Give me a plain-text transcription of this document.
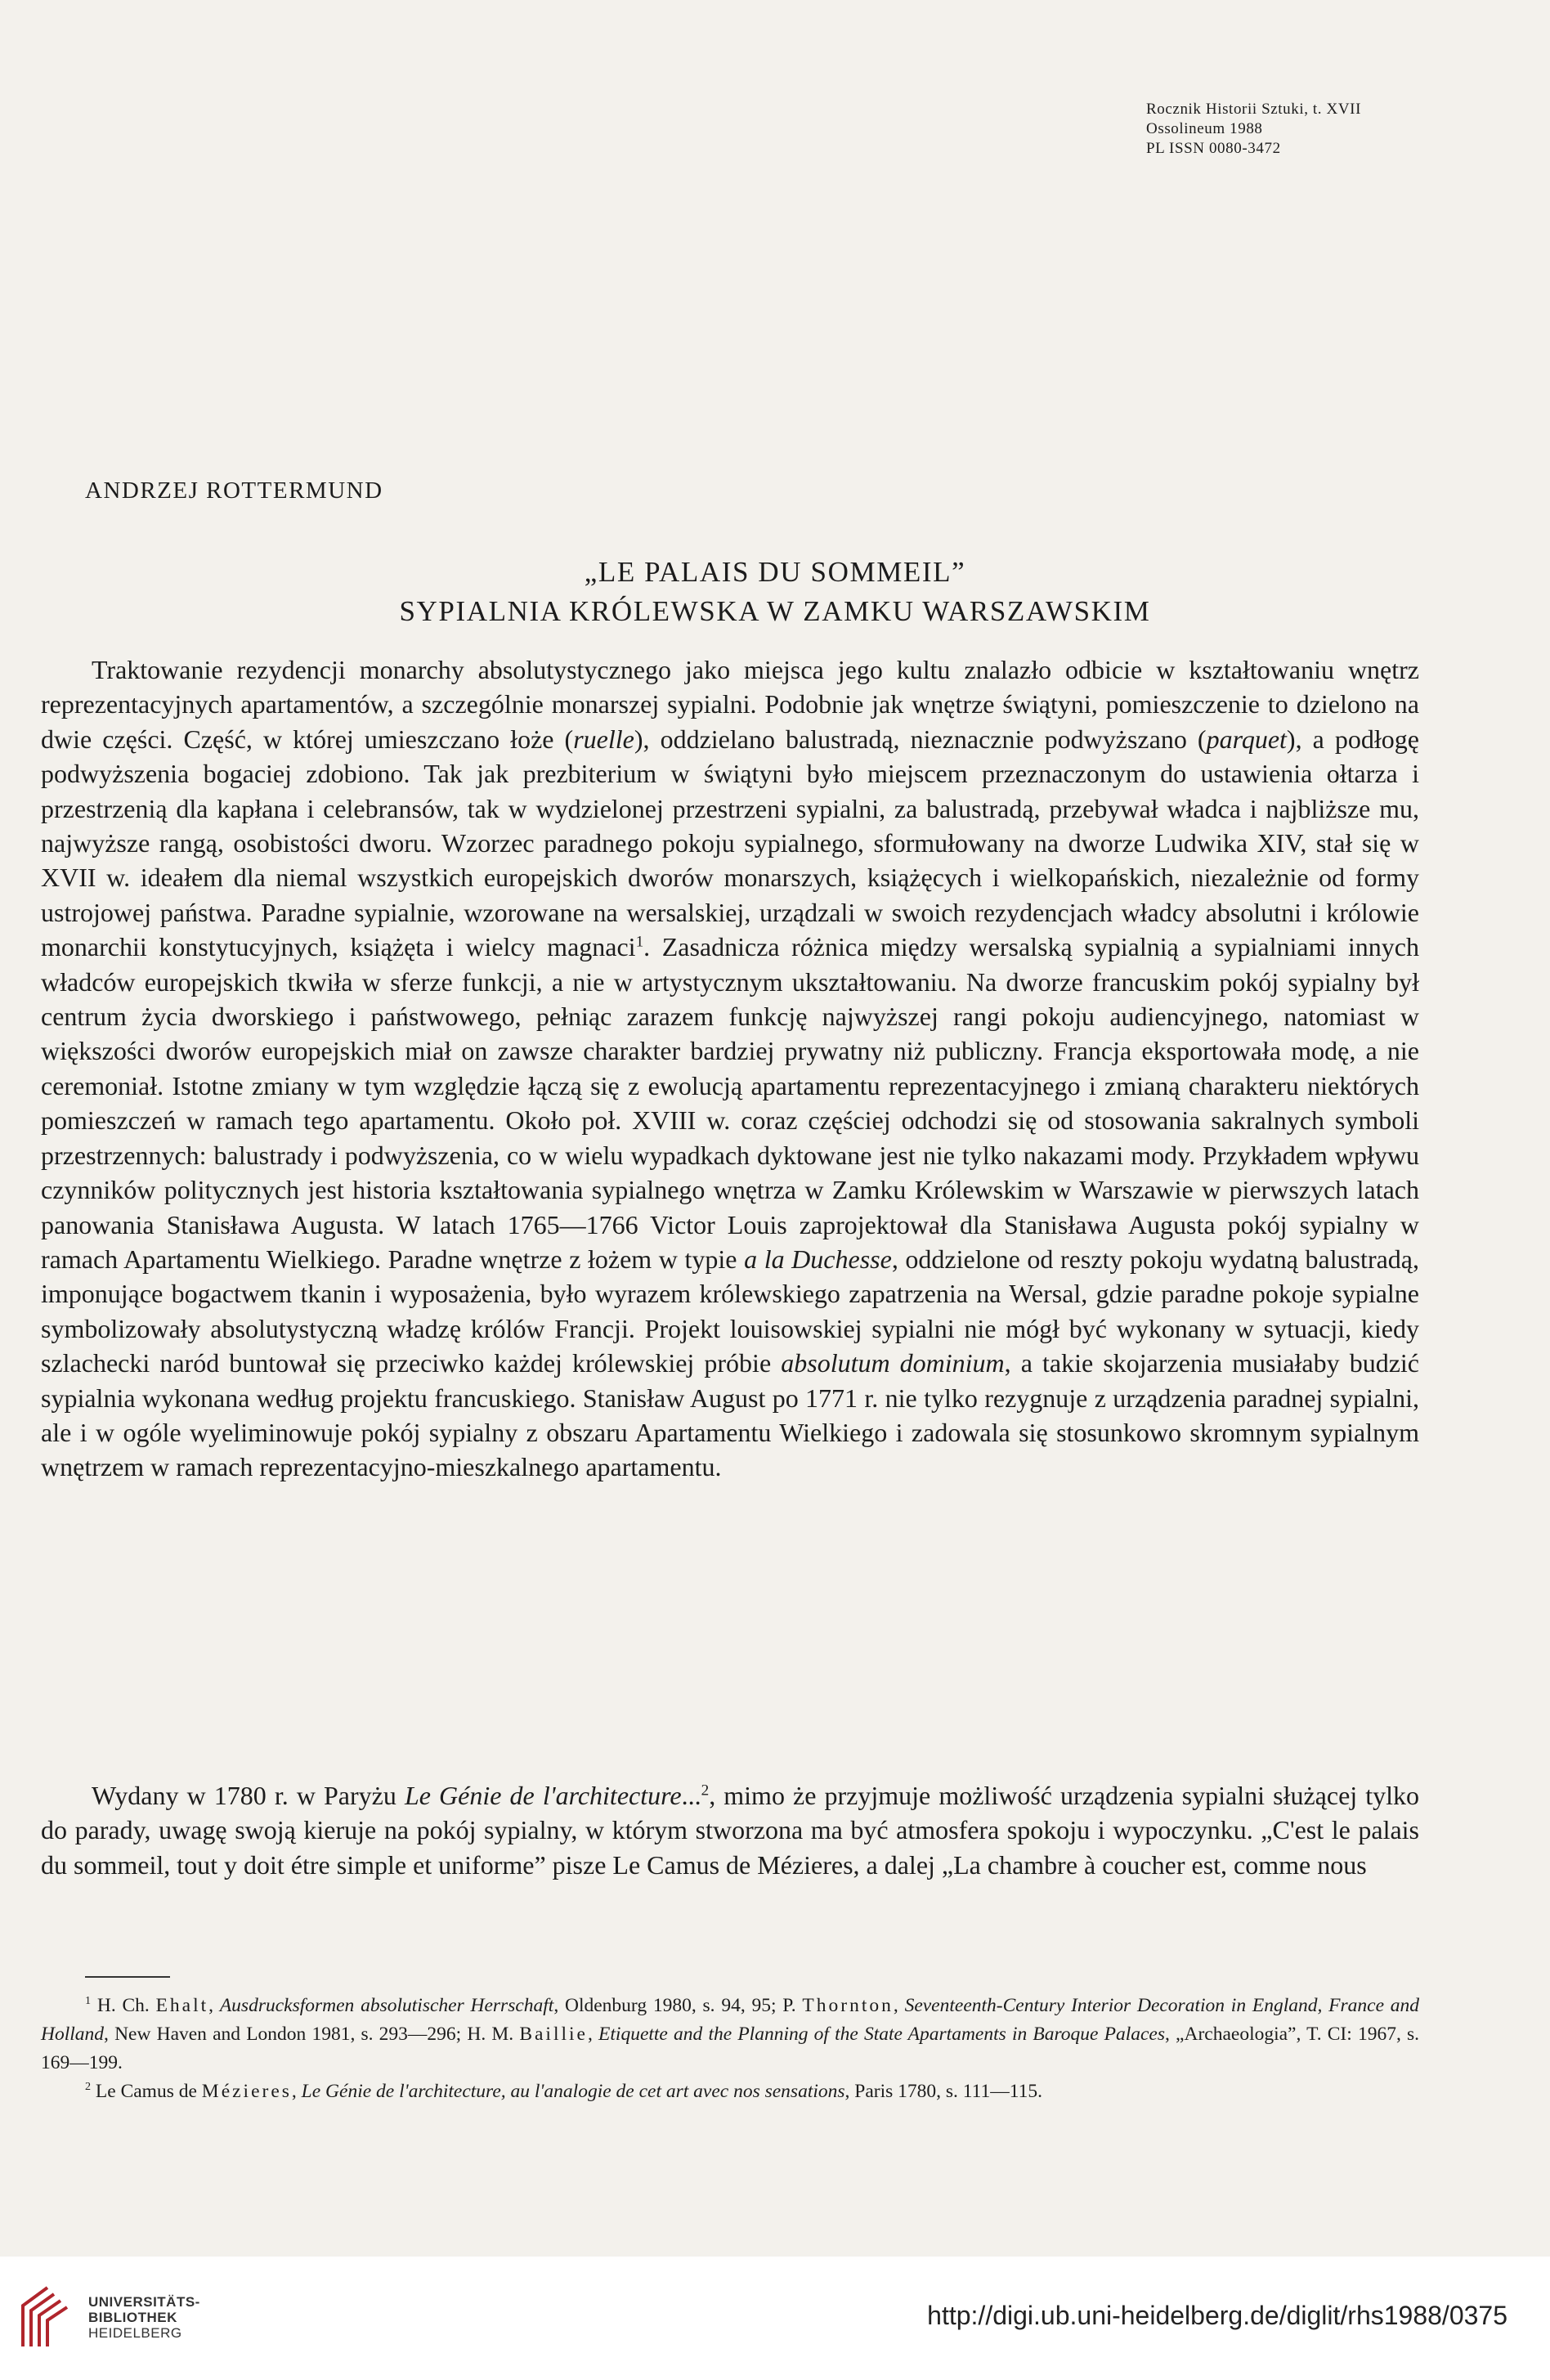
Rocznik Historii Sztuki, t. XVII
Ossolineum 1988
PL ISSN 0080-3472
ANDRZEJ ROTTERMUND
„LE PALAIS DU SOMMEIL”
SYPIALNIA KRÓLEWSKA W ZAMKU WARSZAWSKIM

Traktowanie rezydencji monarchy absolutystycznego jako miejsca jego kultu znalazło odbicie w kształtowaniu wnętrz reprezentacyjnych apartamentów, a szczególnie monarszej sypialni. Podobnie jak wnętrze świątyni, pomieszczenie to dzielono na dwie części. Część, w której umieszczano łoże (ruelle), oddzielano balustradą, nieznacznie podwyższano (parquet), a podłogę podwyższenia bogaciej zdobiono. Tak jak prezbiterium w świątyni było miejscem przeznaczonym do ustawienia ołtarza i przestrzenią dla kapłana i celebransów, tak w wydzielonej przestrzeni sypialni, za balustradą, przebywał władca i najbliższe mu, najwyższe rangą, osobistości dworu. Wzorzec paradnego pokoju sypialnego, sformułowany na dworze Ludwika XIV, stał się w XVII w. ideałem dla niemal wszystkich europejskich dworów monarszych, książęcych i wielkopańskich, niezależnie od formy ustrojowej państwa. Paradne sypialnie, wzorowane na wersalskiej, urządzali w swoich rezydencjach władcy absolutni i królowie monarchii konstytucyjnych, książęta i wielcy magnaci$^1$. Zasadnicza różnica między wersalską sypialnią a sypialniami innych władców europejskich tkwiła w sferze funkcji, a nie w artystycznym ukształtowaniu. Na dworze francuskim pokój sypialny był centrum życia dworskiego i państwowego, pełniąc zarazem funkcję najwyższej rangi pokoju audiencyjnego, natomiast w większości dworów europejskich miał on zawsze charakter bardziej prywatny niż publiczny. Francja eksportowała modę, a nie ceremoniał. Istotne zmiany w tym względzie łączą się z ewolucją apartamentu reprezentacyjnego i zmianą charakteru niektórych pomieszczeń w ramach tego apartamentu. Około poł. XVIII w. coraz częściej odchodzi się od stosowania sakralnych symboli przestrzennych: balustrady i podwyższenia, co w wielu wypadkach dyktowane jest nie tylko nakazami mody. Przykładem wpływu czynników politycznych jest historia kształtowania sypialnego wnętrza w Zamku Królewskim w Warszawie w pierwszych latach panowania Stanisława Augusta. W latach 1765—1766 Victor Louis zaprojektował dla Stanisława Augusta pokój sypialny w ramach Apartamentu Wielkiego. Paradne wnętrze z łożem w typie a la Duchesse, oddzielone od reszty pokoju wydatną balustradą, imponujące bogactwem tkanin i wyposażenia, było wyrazem królewskiego zapatrzenia na Wersal, gdzie paradne pokoje sypialne symbolizowały absolutystyczną władzę królów Francji. Projekt louisowskiej sypialni nie mógł być wykonany w sytuacji, kiedy szlachecki naród buntował się przeciwko każdej królewskiej próbie absolutum dominium, a takie skojarzenia musiałaby budzić sypialnia wykonana według projektu francuskiego. Stanisław August po 1771 r. nie tylko rezygnuje z urządzenia paradnej sypialni, ale i w ogóle wyeliminowuje pokój sypialny z obszaru Apartamentu Wielkiego i zadowala się stosunkowo skromnym sypialnym wnętrzem w ramach reprezentacyjno-mieszkalnego apartamentu.

Wydany w 1780 r. w Paryżu Le Génie de l'architecture...$^2$, mimo że przyjmuje możliwość urządzenia sypialni służącej tylko do parady, uwagę swoją kieruje na pokój sypialny, w którym stworzona ma być atmosfera spokoju i wypoczynku. „C'est le palais du sommeil, tout y doit étre simple et uniforme” pisze Le Camus de Mézieres, a dalej „La chambre à coucher est, comme nous

$^1$ H. Ch. Ehalt, Ausdrucksformen absolutischer Herrschaft, Oldenburg 1980, s. 94, 95; P. Thornton, Seventeenth-Century Interior Decoration in England, France and Holland, New Haven and London 1981, s. 293—296; H. M. Baillie, Etiquette and the Planning of the State Apartaments in Baroque Palaces, „Archaeologia”, T. CI: 1967, s. 169—199.

$^2$ Le Camus de Mézieres, Le Génie de l'architecture, au l'analogie de cet art avec nos sensations, Paris 1780, s. 111—115.

UNIVERSITÄTS-
BIBLIOTHEK
HEIDELBERG
http://digi.ub.uni-heidelberg.de/diglit/rhs1988/0375
